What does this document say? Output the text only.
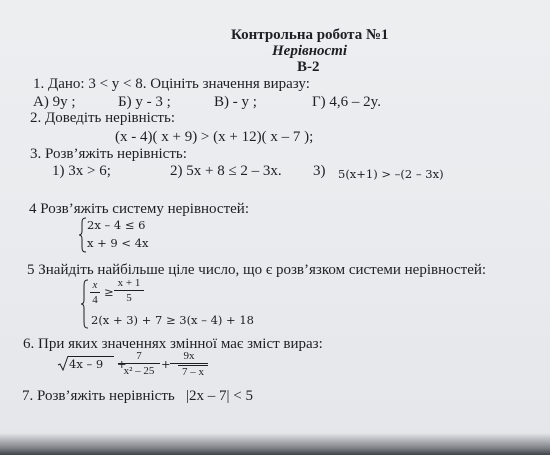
Контрольна робота №1
Нерівності
В-2
1. Дано: 3 < y < 8. Оцініть значення виразу:
А) 9y ;	Б) y - 3 ;	В) - y ;	Г) 4,6 – 2y.
2. Доведіть нерівність:
(x - 4)( x + 9) > (x + 12)( x – 7 );
3. Розв’яжіть нерівність:
1) 3x > 6;	2) 5x + 8 ≤ 2 – 3x. 3) 5(x+1) > –(2 – 3x)
4 Розв’яжіть систему нерівностей:
2x – 4 ≤ 6
x + 9 < 4x
5 Знайдіть найбільше ціле число, що є розв’язком системи нерівностей:
x
4
≥
x + 1
5
2(x + 3) + 7 ≥ 3(x – 4) + 18
6. При яких значеннях змінної має зміст вираз:
4x – 9 +
7
$x^2 - 25 + \frac{9x}{7 - x}$
7. Розв’яжіть нерівність |2x – 7| < 5
